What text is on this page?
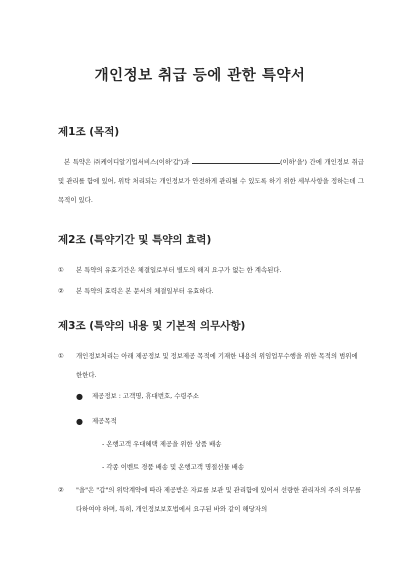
개인정보 취급 등에 관한 특약서

제1조 (목적)

본 특약은 ㈜케이디알기업서비스(이하'갑')과	(이하'을') 간에 개인정보 취급 및 관리를 함에 있어, 위탁 처리되는 개인정보가 안전하게 관리될 수 있도록 하기 위한 세부사항을 정하는데 그 목적이 있다.

제2조 (특약기간 및 특약의 효력)

①	본 특약의 유효기간은 체결일로부터 별도의 해지 요구가 없는 한 계속된다.
②	본 특약의 효력은 본 문서의 체결일부터 유효하다.

제3조 (특약의 내용 및 기본적 의무사항)

①	개인정보처리는 아래 제공정보 및 정보제공 목적에 기재한 내용의 위임업무수행을 위한 목적의 범위에 한한다.
●	제공정보 : 고객명, 휴대번호, 수령주소
●	제공목적

- 온행고객 우대혜택 제공을 위한 상품 배송

- 각종 이벤트 경품 배송 및 온행고객 명절선물 배송

②	"을"은 "갑"의 위탁계약에 따라 제공받은 자료를 보관 및 관리함에 있어서 선량한 관리자의 주의 의무를 다하여야 하며, 특히, 개인정보보호법에서 요구된 바와 같이 해당자의
